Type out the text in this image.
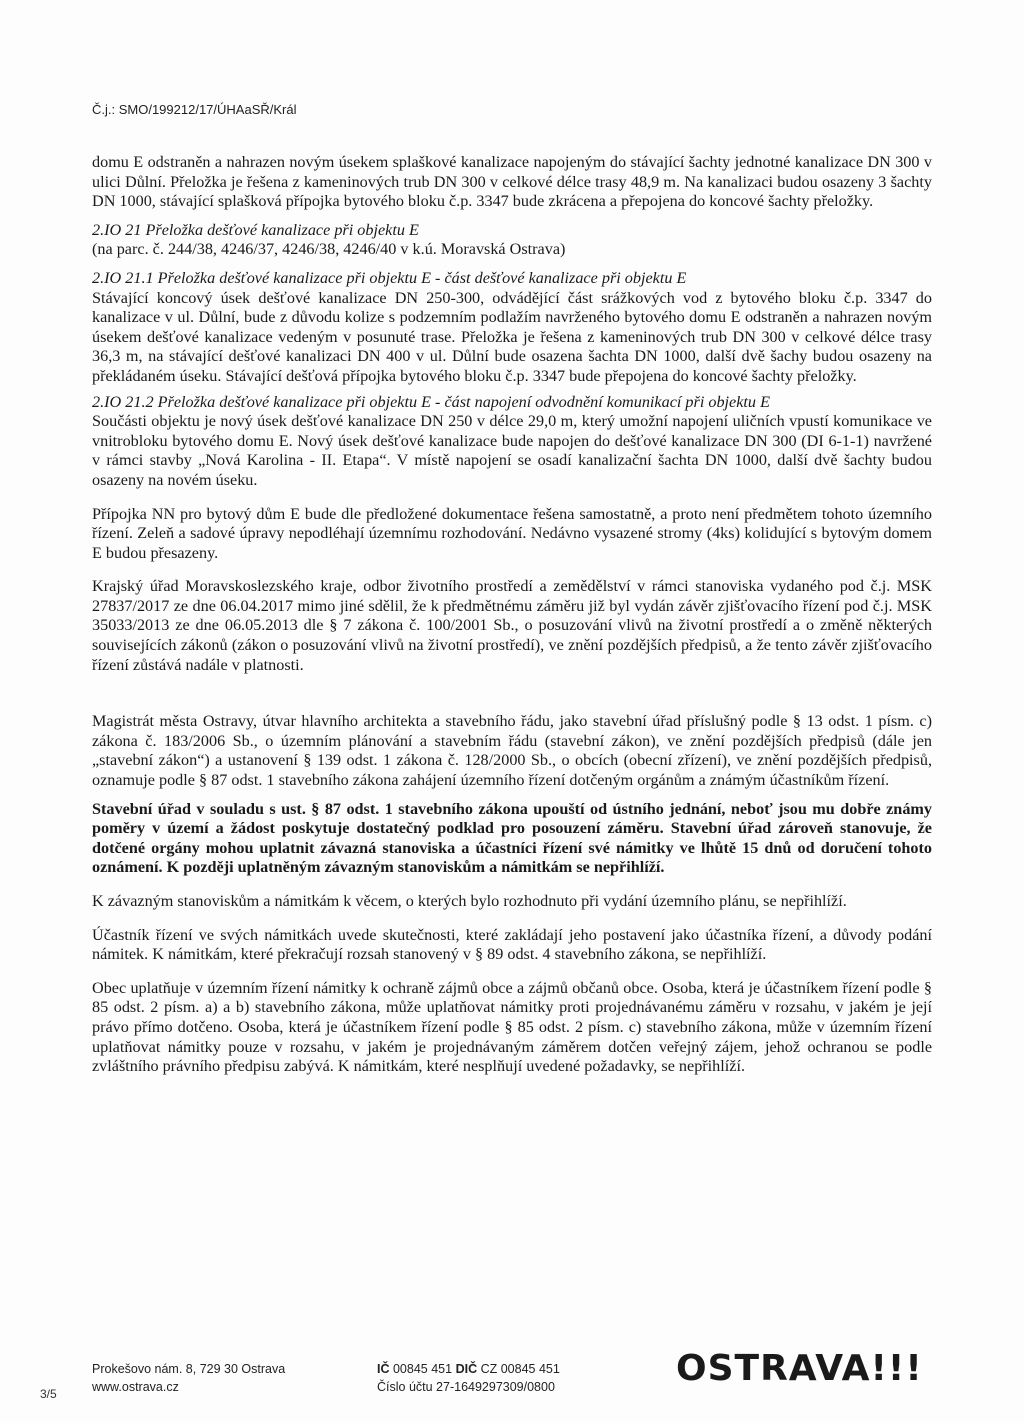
Č.j.: SMO/199212/17/ÚHAaSŘ/Král

domu E odstraněn a nahrazen novým úsekem splaškové kanalizace napojeným do stávající šachty jednotné kanalizace DN 300 v ulici Důlní. Přeložka je řešena z kameninových trub DN 300 v celkové délce trasy 48,9 m. Na kanalizaci budou osazeny 3 šachty DN 1000, stávající splašková přípojka bytového bloku č.p. 3347 bude zkrácena a přepojena do koncové šachty přeložky.

2.IO 21 Přeložka dešťové kanalizace při objektu E

(na parc. č. 244/38, 4246/37, 4246/38, 4246/40 v k.ú. Moravská Ostrava)

2.IO 21.1 Přeložka dešťové kanalizace při objektu E - část dešťové kanalizace při objektu E

Stávající koncový úsek dešťové kanalizace DN 250-300, odvádějící část srážkových vod z bytového bloku č.p. 3347 do kanalizace v ul. Důlní, bude z důvodu kolize s podzemním podlažím navrženého bytového domu E odstraněn a nahrazen novým úsekem dešťové kanalizace vedeným v posunuté trase. Přeložka je řešena z kameninových trub DN 300 v celkové délce trasy 36,3 m, na stávající dešťové kanalizaci DN 400 v ul. Důlní bude osazena šachta DN 1000, další dvě šachy budou osazeny na překládaném úseku. Stávající dešťová přípojka bytového bloku č.p. 3347 bude přepojena do koncové šachty přeložky.

2.IO 21.2 Přeložka dešťové kanalizace při objektu E - část napojení odvodnění komunikací při objektu E

Součásti objektu je nový úsek dešťové kanalizace DN 250 v délce 29,0 m, který umožní napojení uličních vpustí komunikace ve vnitrobloku bytového domu E. Nový úsek dešťové kanalizace bude napojen do dešťové kanalizace DN 300 (DI 6-1-1) navržené v rámci stavby „Nová Karolina - II. Etapa“. V místě napojení se osadí kanalizační šachta DN 1000, další dvě šachty budou osazeny na novém úseku.

Přípojka NN pro bytový dům E bude dle předložené dokumentace řešena samostatně, a proto není předmětem tohoto územního řízení. Zeleň a sadové úpravy nepodléhají územnímu rozhodování. Nedávno vysazené stromy (4ks) kolidující s bytovým domem E budou přesazeny.

Krajský úřad Moravskoslezského kraje, odbor životního prostředí a zemědělství v rámci stanoviska vydaného pod č.j. MSK 27837/2017 ze dne 06.04.2017 mimo jiné sdělil, že k předmětnému záměru již byl vydán závěr zjišťovacího řízení pod č.j. MSK 35033/2013 ze dne 06.05.2013 dle § 7 zákona č. 100/2001 Sb., o posuzování vlivů na životní prostředí a o změně některých souvisejících zákonů (zákon o posuzování vlivů na životní prostředí), ve znění pozdějších předpisů, a že tento závěr zjišťovacího řízení zůstává nadále v platnosti.

Magistrát města Ostravy, útvar hlavního architekta a stavebního řádu, jako stavební úřad příslušný podle § 13 odst. 1 písm. c) zákona č. 183/2006 Sb., o územním plánování a stavebním řádu (stavební zákon), ve znění pozdějších předpisů (dále jen „stavební zákon“) a ustanovení § 139 odst. 1 zákona č. 128/2000 Sb., o obcích (obecní zřízení), ve znění pozdějších předpisů, oznamuje podle § 87 odst. 1 stavebního zákona zahájení územního řízení dotčeným orgánům a známým účastníkům řízení.

Stavební úřad v souladu s ust. § 87 odst. 1 stavebního zákona upouští od ústního jednání, neboť jsou mu dobře známy poměry v území a žádost poskytuje dostatečný podklad pro posouzení záměru. Stavební úřad zároveň stanovuje, že dotčené orgány mohou uplatnit závazná stanoviska a účastníci řízení své námitky ve lhůtě 15 dnů od doručení tohoto oznámení. K později uplatněným závazným stanoviskům a námitkám se nepřihlíží.

K závazným stanoviskům a námitkám k věcem, o kterých bylo rozhodnuto při vydání územního plánu, se nepřihlíží.

Účastník řízení ve svých námitkách uvede skutečnosti, které zakládají jeho postavení jako účastníka řízení, a důvody podání námitek. K námitkám, které překračují rozsah stanovený v § 89 odst. 4 stavebního zákona, se nepřihlíží.

Obec uplatňuje v územním řízení námitky k ochraně zájmů obce a zájmů občanů obce. Osoba, která je účastníkem řízení podle § 85 odst. 2 písm. a) a b) stavebního zákona, může uplatňovat námitky proti projednávanému záměru v rozsahu, v jakém je její právo přímo dotčeno. Osoba, která je účastníkem řízení podle § 85 odst. 2 písm. c) stavebního zákona, může v územním řízení uplatňovat námitky pouze v rozsahu, v jakém je projednávaným záměrem dotčen veřejný zájem, jehož ochranou se podle zvláštního právního předpisu zabývá. K námitkám, které nesplňují uvedené požadavky, se nepřihlíží.

3/5
Prokešovo nám. 8, 729 30 Ostrava
www.ostrava.cz
IČ 00845 451 DIČ CZ 00845 451
Číslo účtu 27-1649297309/0800	OSTRAVA!!!
